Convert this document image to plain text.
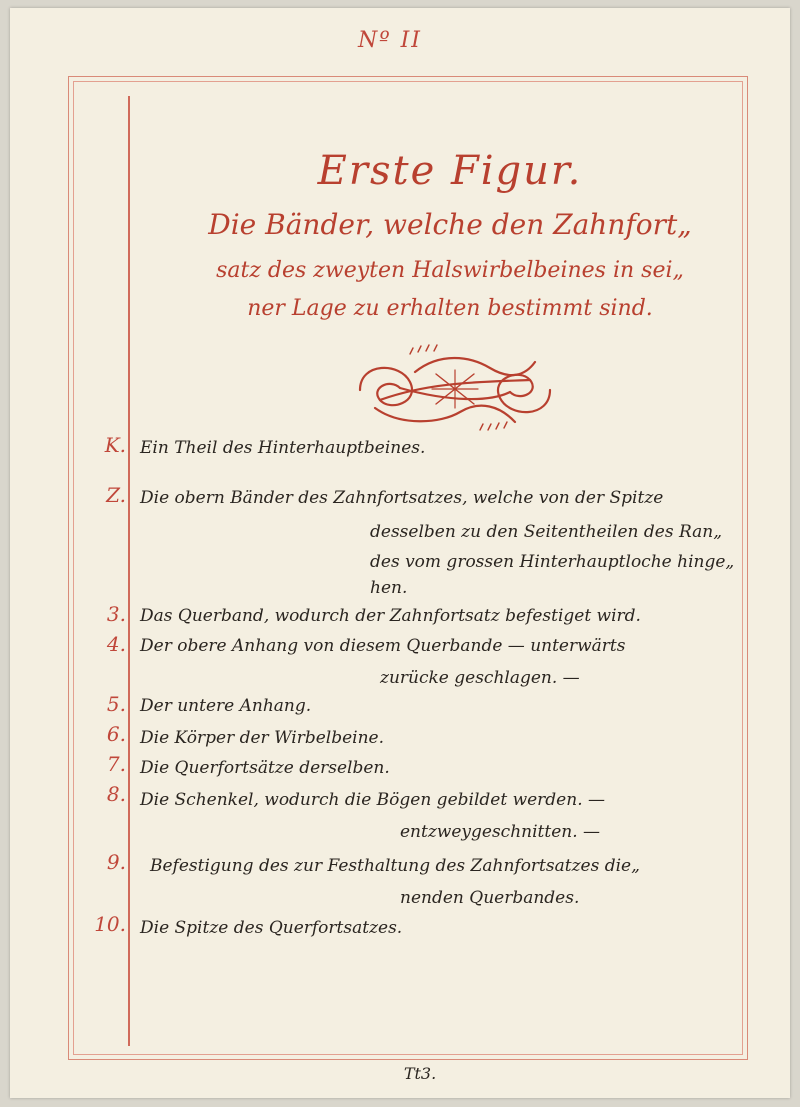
Nº II
Erste Figur.
Die Bänder, welche den Zahnfort„
satz des zweyten Halswirbelbeines in sei„
ner Lage zu erhalten bestimmt sind.
K. Ein Theil des Hinterhauptbeines.
Z. Die obern Bänder des Zahnfortsatzes, welche von der Spitze
desselben zu den Seitentheilen des Ran„
des vom grossen Hinterhauptloche hinge„
hen.
3. Das Querband, wodurch der Zahnfortsatz befestiget wird.
4. Der obere Anhang von diesem Querbande — unterwärts
zurücke geschlagen. —
5. Der untere Anhang.
6. Die Körper der Wirbelbeine.
7. Die Querfortsätze derselben.
8. Die Schenkel, wodurch die Bögen gebildet werden. —
entzweygeschnitten. —
9. Befestigung des zur Festhaltung des Zahnfortsatzes die„
nenden Querbandes.
10. Die Spitze des Querfortsatzes.
Tt3.
